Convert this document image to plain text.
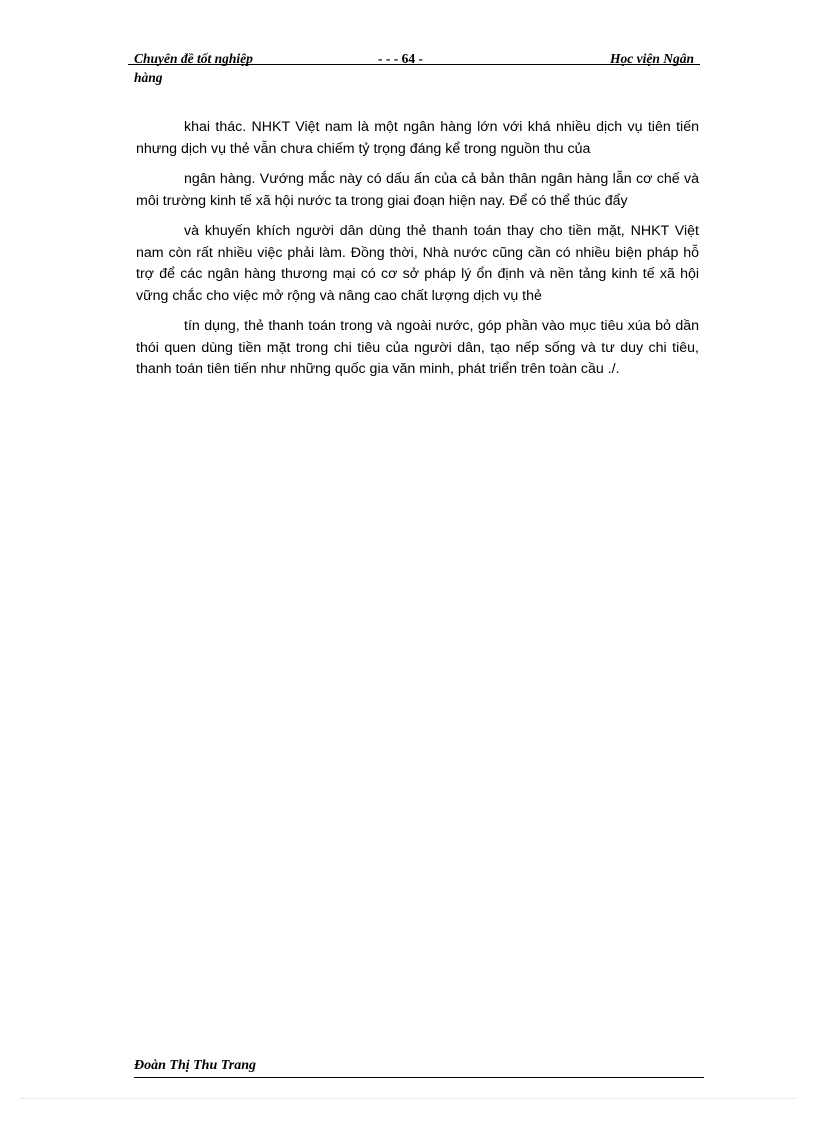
Chuyên đề tốt nghiệp	- - - 64 -	Học viện Ngân
hàng

khai thác. NHKT Việt nam là một ngân hàng lớn với khá nhiều dịch vụ tiên tiến nhưng dịch vụ thẻ vẫn chưa chiếm tỷ trọng đáng kể trong nguồn thu của

ngân hàng. Vướng mắc này có dấu ấn của cả bản thân ngân hàng lẫn cơ chế và môi trường kinh tế xã hội nước ta trong giai đoạn hiện nay. Để có thể thúc đẩy

và khuyến khích người dân dùng thẻ thanh toán thay cho tiền mặt, NHKT Việt nam còn rất nhiều việc phải làm. Đồng thời, Nhà nước cũng cần có nhiều biện pháp hỗ trợ để các ngân hàng thương mại có cơ sở pháp lý ổn định và nền tảng kinh tế xã hội vững chắc cho việc mở rộng và nâng cao chất lượng dịch vụ thẻ

tín dụng, thẻ thanh toán trong và ngoài nước, góp phần vào mục tiêu xúa bỏ dần thói quen dùng tiền mặt trong chi tiêu của người dân, tạo nếp sống và tư duy chi tiêu, thanh toán tiên tiến như những quốc gia văn minh, phát triển trên toàn cầu ./.

Đoàn Thị Thu Trang
